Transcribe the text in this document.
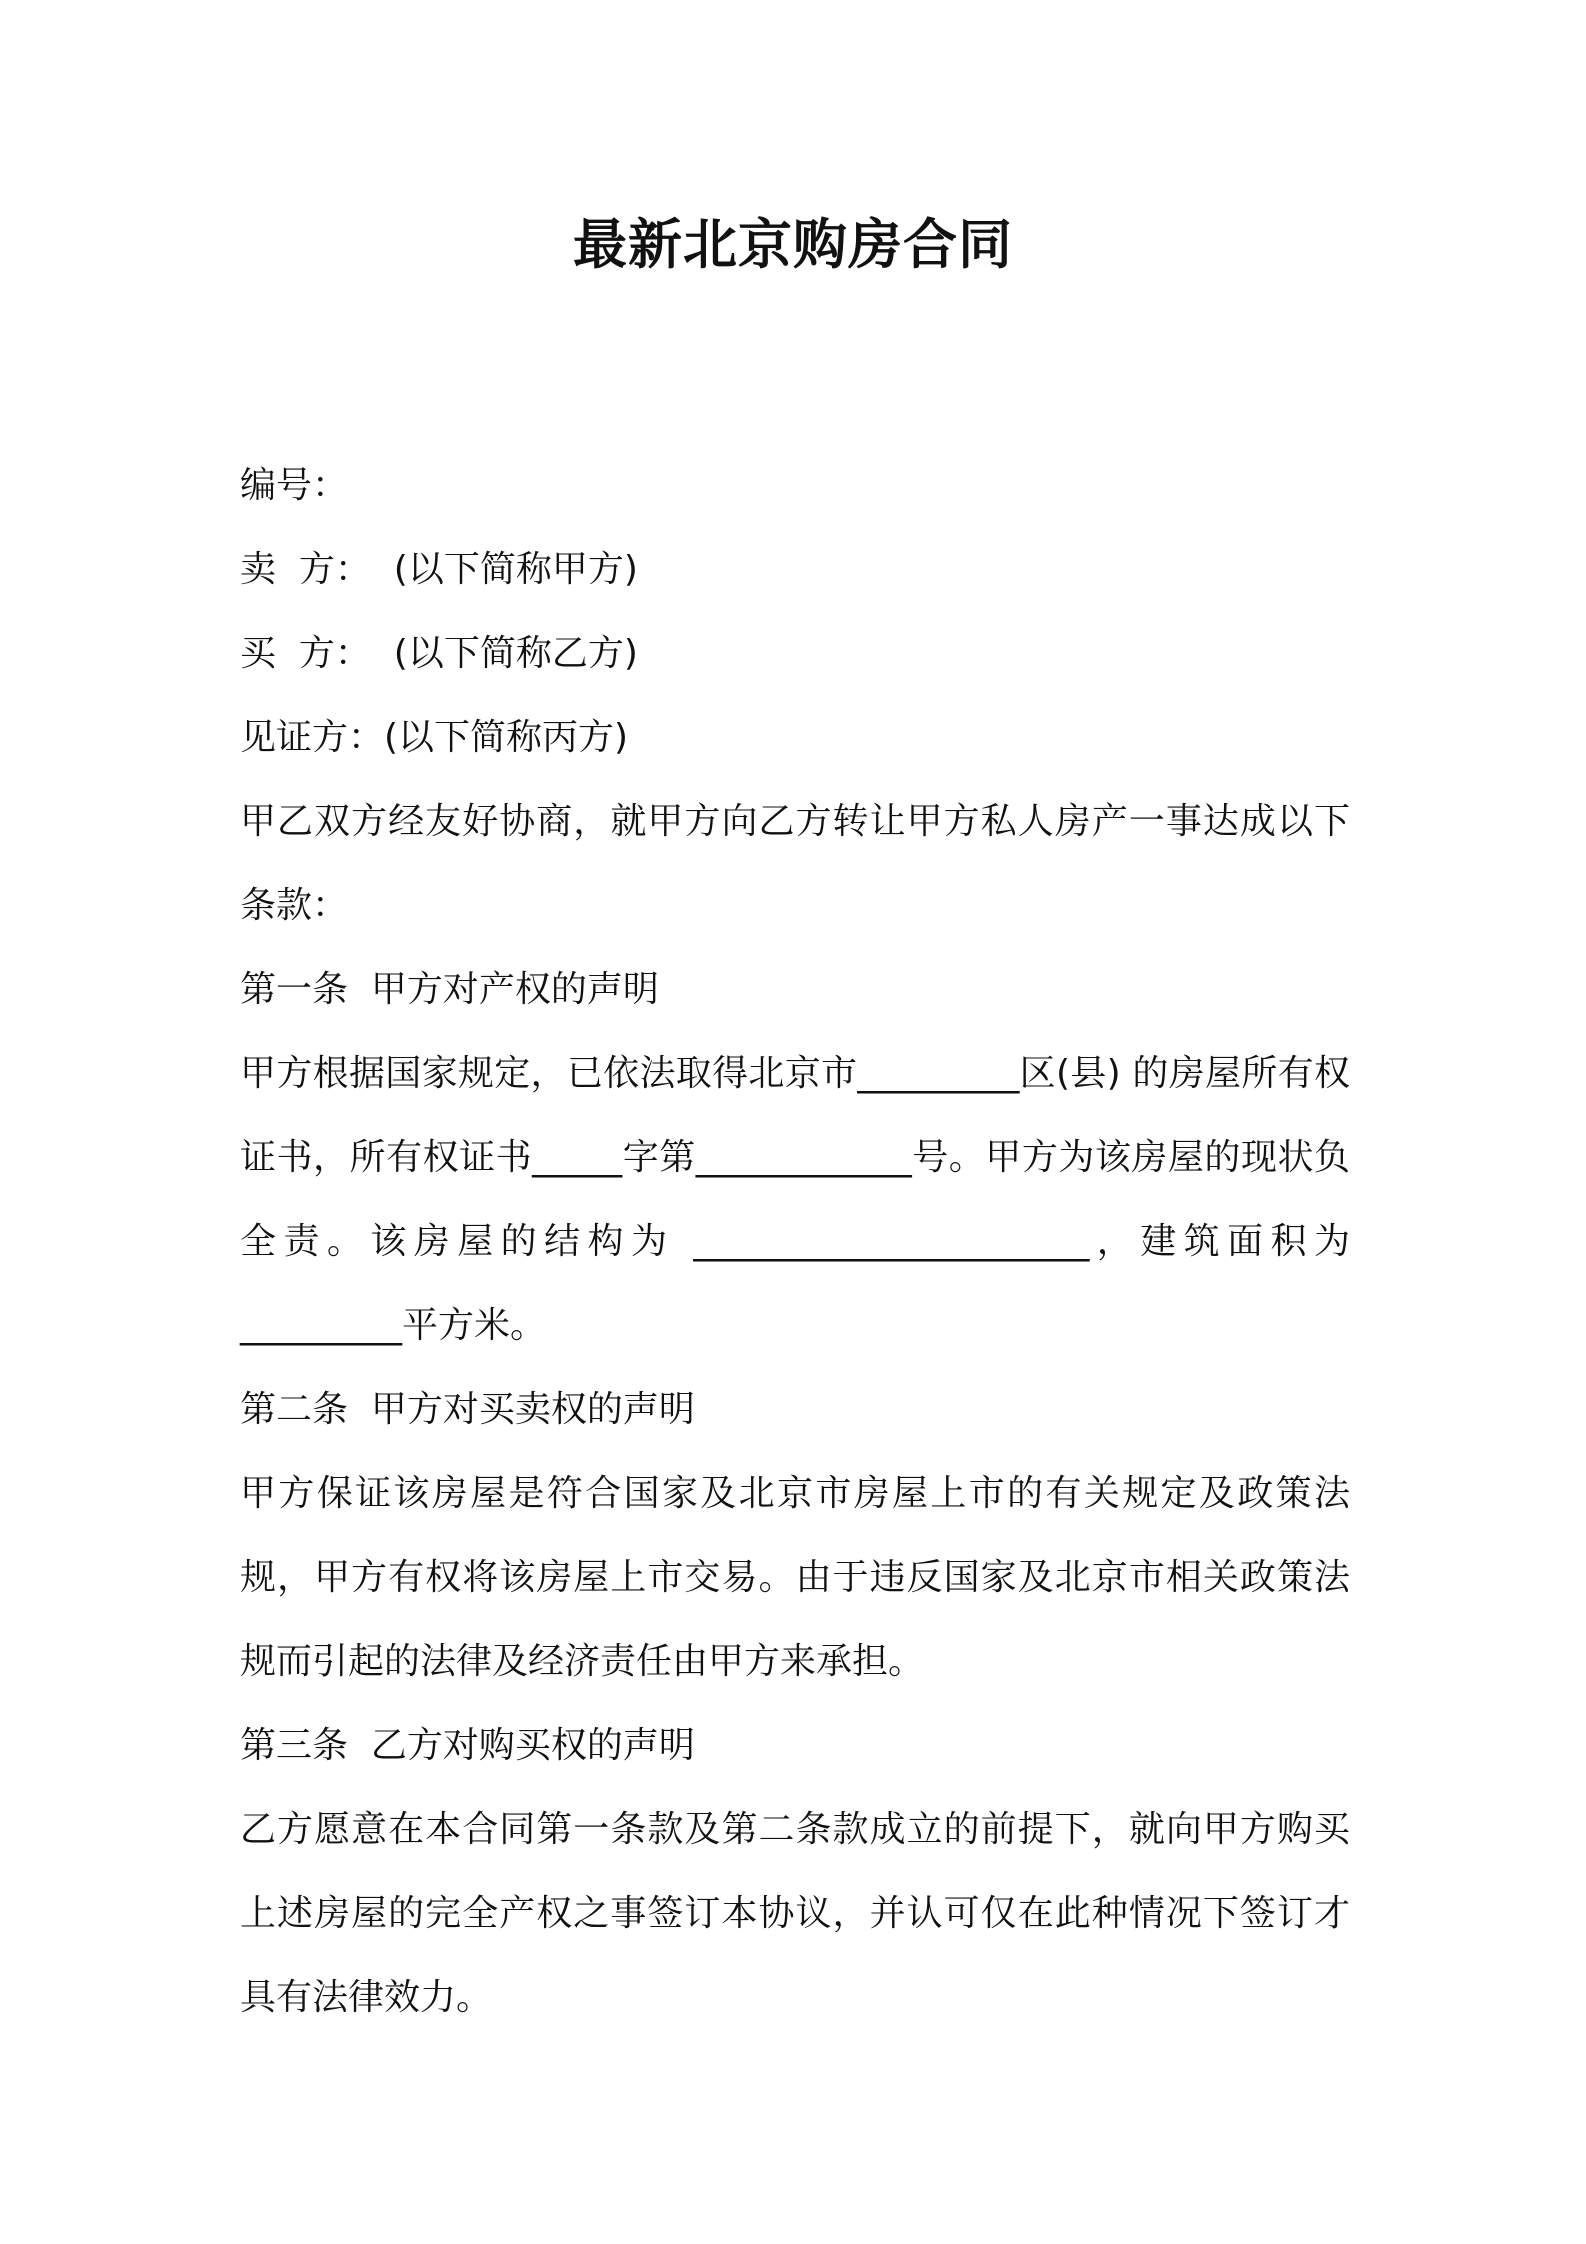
最新北京购房合同

编号：

卖  方：  (以下简称甲方)

买  方：  (以下简称乙方)

见证方：(以下简称丙方)

甲乙双方经友好协商，就甲方向乙方转让甲方私人房产一事达成以下条款：

第一条  甲方对产权的声明

甲方根据国家规定，已依法取得北京市_________区(县) 的房屋所有权证书，所有权证书_____字第____________号。甲方为该房屋的现状负全责。该房屋的结构为 ______________________，建筑面积为_________平方米。

第二条  甲方对买卖权的声明

甲方保证该房屋是符合国家及北京市房屋上市的有关规定及政策法规，甲方有权将该房屋上市交易。由于违反国家及北京市相关政策法规而引起的法律及经济责任由甲方来承担。

第三条  乙方对购买权的声明

乙方愿意在本合同第一条款及第二条款成立的前提下，就向甲方购买上述房屋的完全产权之事签订本协议，并认可仅在此种情况下签订才具有法律效力。
